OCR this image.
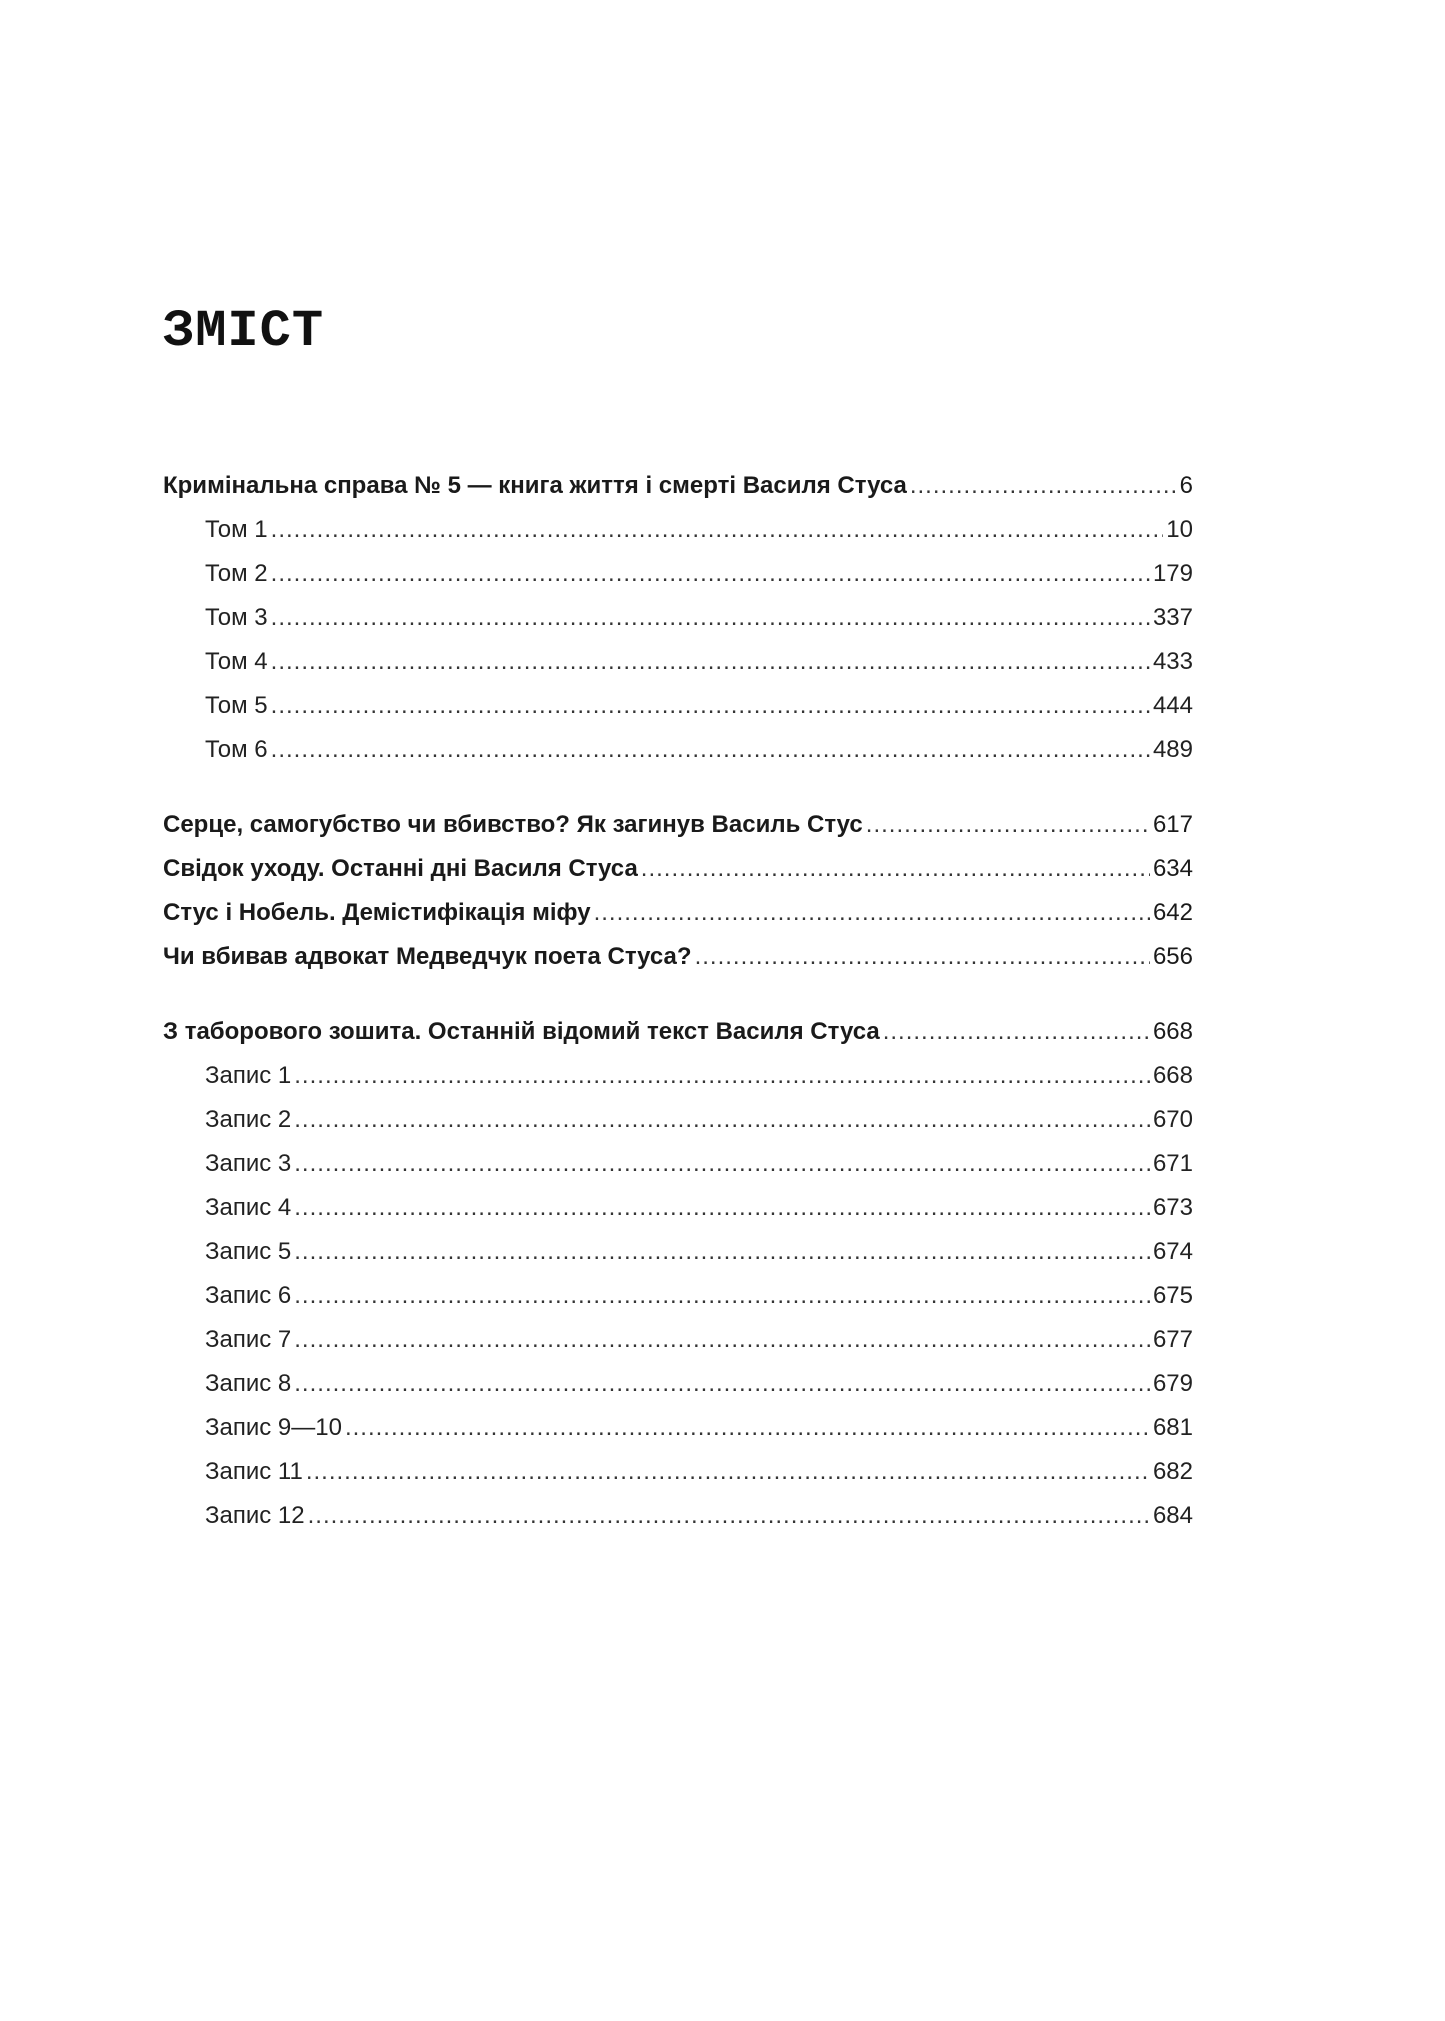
ЗМІСТ
Кримінальна справа № 5 — книга життя і смерті Василя Стуса .....	6
Том 1 .....	10
Том 2 .....	179
Том 3 .....	337
Том 4 .....	433
Том 5 .....	444
Том 6 .....	489
Серце, самогубство чи вбивство? Як загинув Василь Стус .....	617
Свідок уходу. Останні дні Василя Стуса .....	634
Стус і Нобель. Демістифікація міфу .....	642
Чи вбивав адвокат Медведчук поета Стуса? .....	656
З таборового зошита. Останній відомий текст Василя Стуса .....	668
Запис 1 .....	668
Запис 2 .....	670
Запис 3 .....	671
Запис 4 .....	673
Запис 5 .....	674
Запис 6 .....	675
Запис 7 .....	677
Запис 8 .....	679
Запис 9—10 .....	681
Запис 11 .....	682
Запис 12 .....	684
